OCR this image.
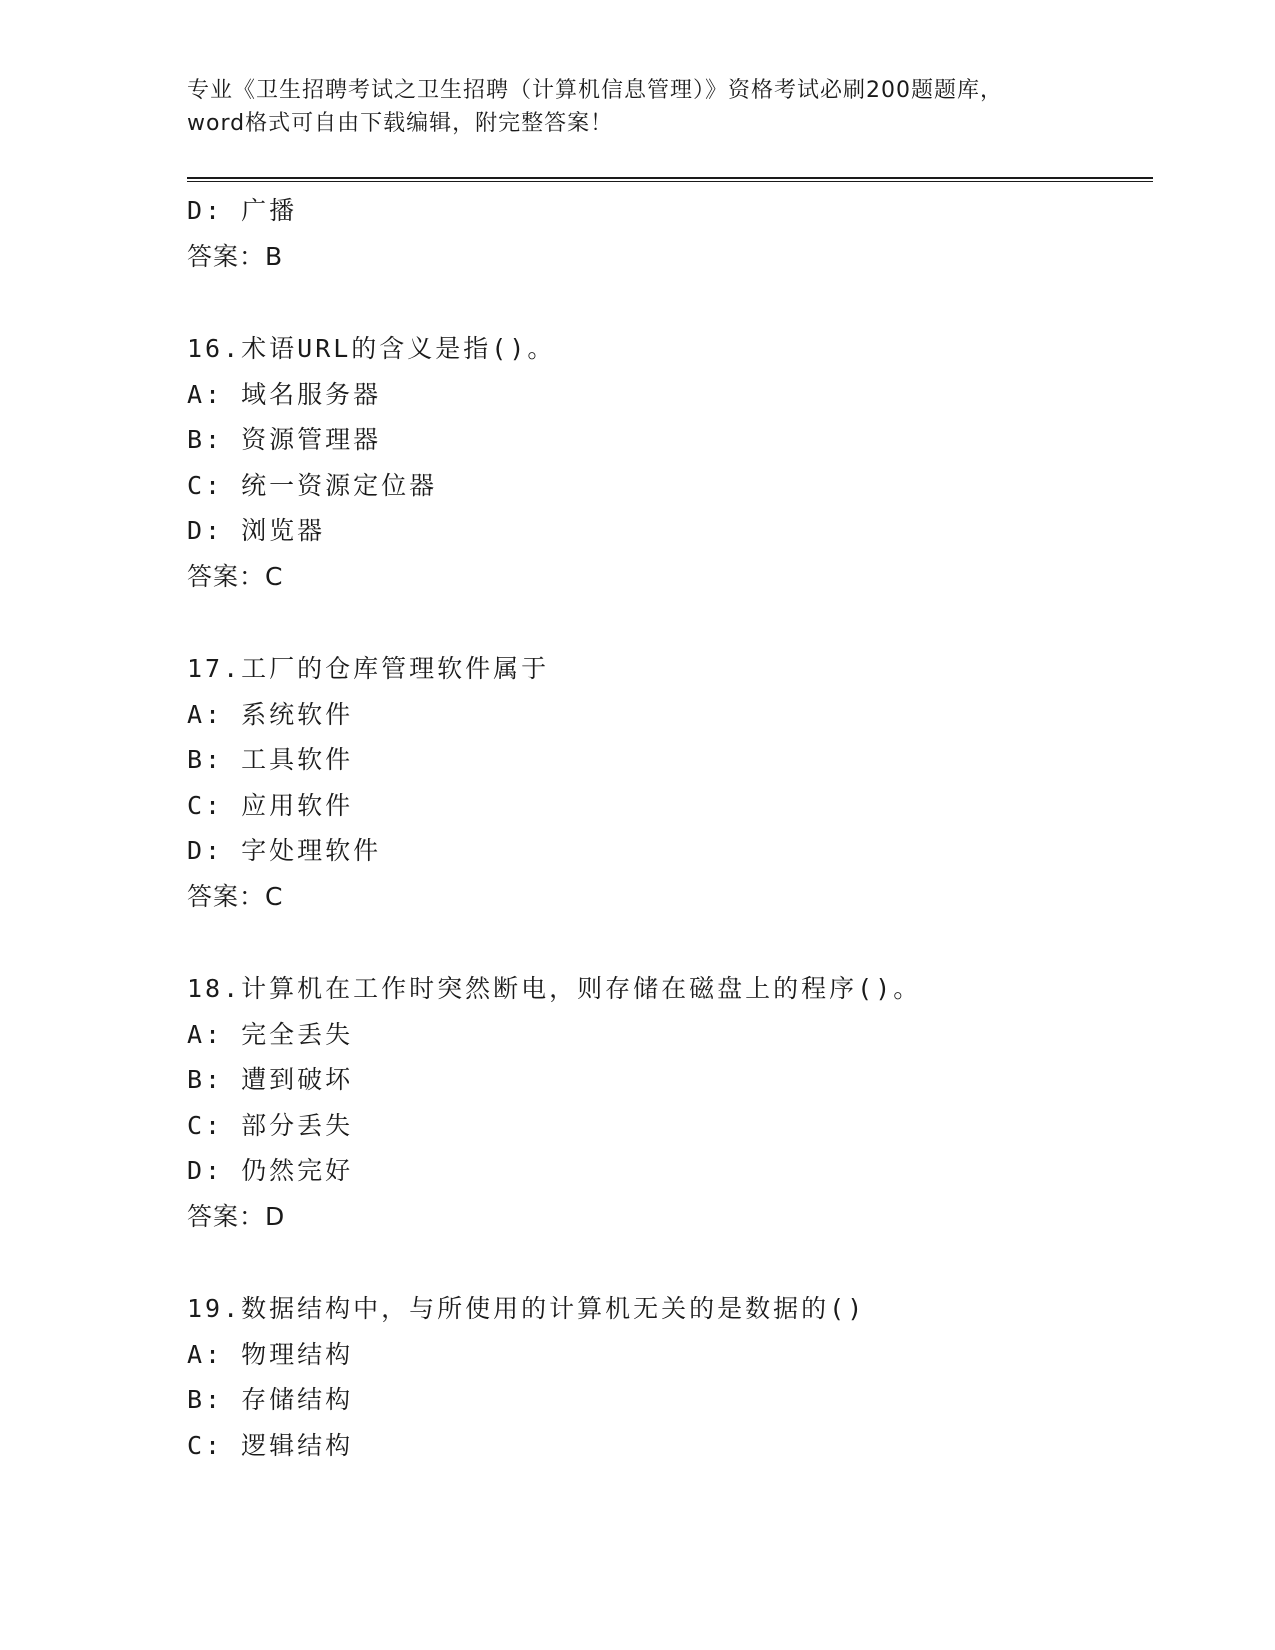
专业《卫生招聘考试之卫生招聘（计算机信息管理）》资格考试必刷200题题库，
word格式可自由下载编辑，附完整答案！
D: 广播
答案：B
16.术语URL的含义是指()。
A: 域名服务器
B: 资源管理器
C: 统一资源定位器
D: 浏览器
答案：C
17.工厂的仓库管理软件属于
A: 系统软件
B: 工具软件
C: 应用软件
D: 字处理软件
答案：C
18.计算机在工作时突然断电，则存储在磁盘上的程序()。
A: 完全丢失
B: 遭到破坏
C: 部分丢失
D: 仍然完好
答案：D
19.数据结构中，与所使用的计算机无关的是数据的()
A: 物理结构
B: 存储结构
C: 逻辑结构
